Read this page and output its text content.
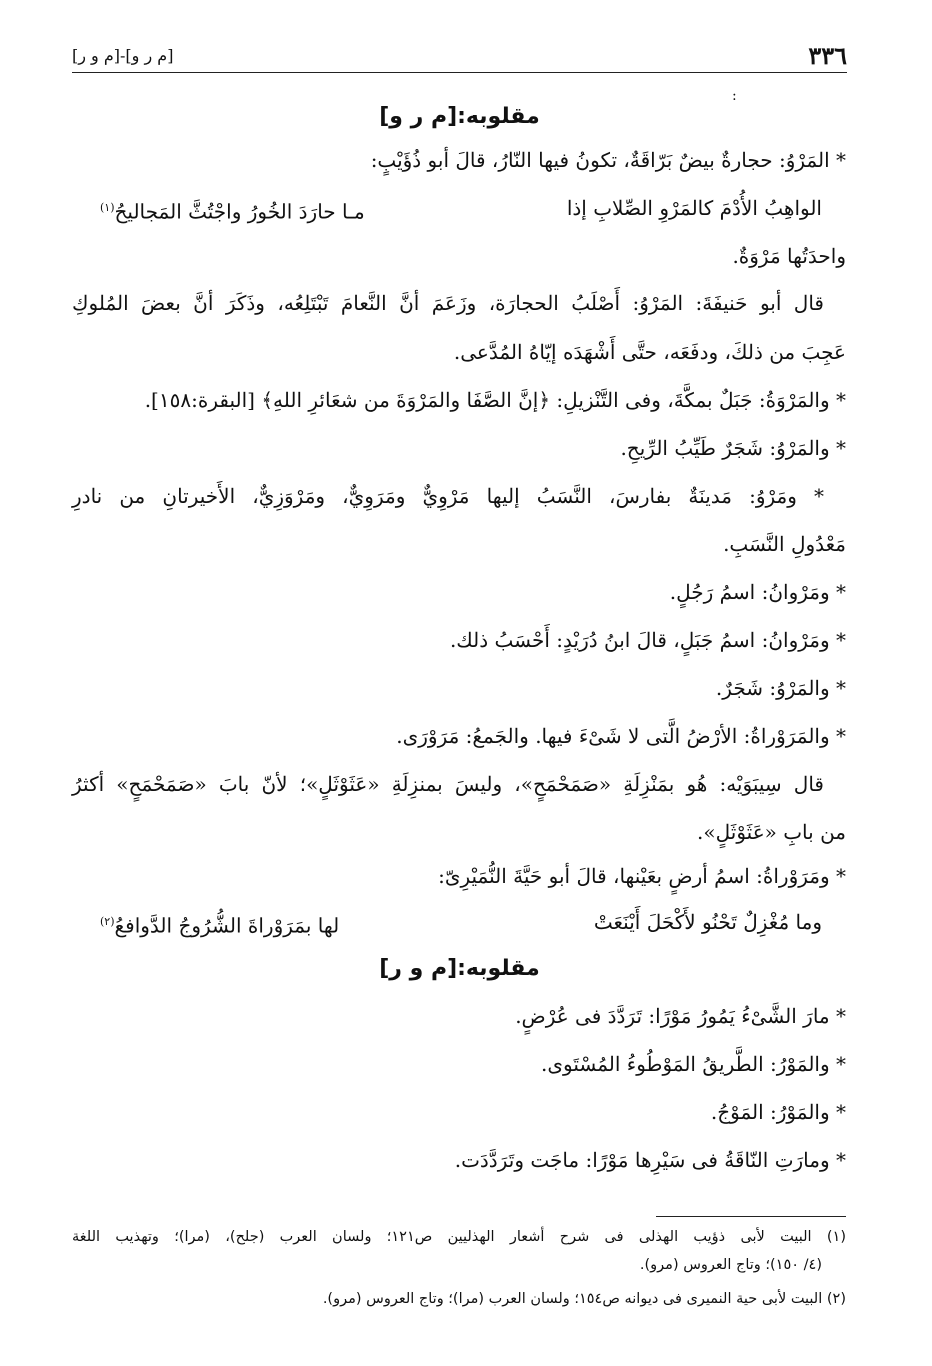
٣٣٦
[م ر و]-[م و ر]
:
مقلوبه:[م ر و]
* المَرْوُ: حجارةٌ بيضٌ بَرّاقَةٌ، تكونُ فيها النّارُ، قالَ أبو ذُؤَيْبٍ:
الواهِبُ الأُدْمَ كالمَرْوِ الصِّلابِ إذا
مـا حارَدَ الخُورُ واجْتُثَّ المَجاليحُ$^{(١)}$
واحدَتُها مَرْوَةٌ.
قال أبو حَنيفَةَ: المَرْوُ: أَصْلَبُ الحجارَة، وزَعَمَ أنَّ النَّعامَ تَبْتَلِعُه، وذَكَرَ أنَّ بعضَ المُلوكِ
عَجِبَ من ذلكَ، ودفَعَه، حتَّى أَشْهَدَه إيّاهُ المُدَّعى.
* والمَرْوَةُ: جَبَلٌ بمكَّةَ، وفى التَّنْزيلِ: ﴿إنَّ الصَّفَا والمَرْوَةَ من شعَائرِ اللهِ﴾ [البقرة:١٥٨].
* والمَرْوُ: شَجَرٌ طَيِّبُ الرِّيحِ.
* ومَرْوُ: مَدينَةٌ بفارسَ، النَّسَبُ إليها مَرْوِيٌّ ومَرَوِيٌّ، ومَرْوَزِيٌّ، الأَخيرتانِ من نادرِ
مَعْدُولِ النَّسَبِ.
* ومَرْوانُ: اسمُ رَجُلٍ.
* ومَرْوانُ: اسمُ جَبَلٍ، قالَ ابنُ دُرَيْدٍ: أَحْسَبُ ذلك.
* والمَرْوُ: شَجَرٌ.
* والمَرَوْراةُ: الأرْضُ الَّتى لا شَىْءَ فيها. والجَمعُ: مَرَوْرَى.
قال سِيبَوَيْه: هُو بمَنْزِلَةِ «صَمَحْمَحٍ»، وليسَ بمنزِلَةِ «عَثَوْثَلٍ»؛ لأنّ بابَ «صَمَحْمَحٍ» أكثرُ
من بابِ «عَثَوْثَلٍ».
* ومَرَوْراةُ: اسمُ أرضٍ بعَيْنها، قالَ أبو حَيَّةَ النُّمَيْرِىّ:
وما مُغْزِلٌ تَحْنُو لأَكْحَلَ أَيْنَعَتْ
لها بمَرَوْراةَ الشُّرُوجُ الدَّوافعُ$^{(٢)}$
مقلوبه:[م و ر]
* مارَ الشَّىْءُ يَمُورُ مَوْرًا: تَرَدَّدَ فى عُرْضٍ.
* والمَوْرُ: الطَّريقُ المَوْطُوءُ المُسْتَوى.
* والمَوْرُ: المَوْجُ.
* ومارَتِ النّاقَةُ فى سَيْرِها مَوْرًا: ماجَت وتَرَدَّدَت.
(١) البيت لأبى ذؤيب الهذلى فى شرح أشعار الهذليين ص١٢١؛ ولسان العرب (جلح)، (مرا)؛ وتهذيب اللغة
(٤/ ١٥٠)؛ وتاج العروس (مرو).
(٢) البيت لأبى حية النميرى فى ديوانه ص١٥٤؛ ولسان العرب (مرا)؛ وتاج العروس (مرو).
